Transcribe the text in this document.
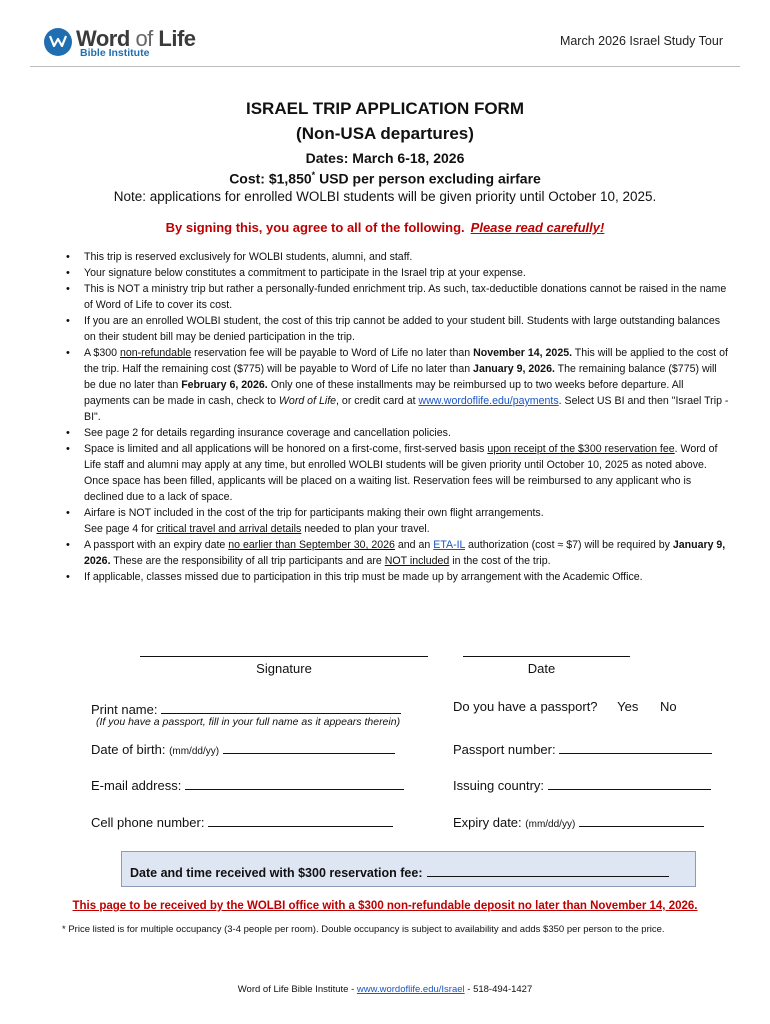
Word of Life
Bible Institute
March 2026 Israel Study Tour
ISRAEL TRIP APPLICATION FORM
(Non-USA departures)
Dates: March 6-18, 2026
Cost: $1,850* USD per person excluding airfare
Note: applications for enrolled WOLBI students will be given priority until October 10, 2025.
By signing this, you agree to all of the following. Please read carefully!
• This trip is reserved exclusively for WOLBI students, alumni, and staff.
• Your signature below constitutes a commitment to participate in the Israel trip at your expense.
• This is NOT a ministry trip but rather a personally-funded enrichment trip. As such, tax-deductible donations cannot be raised in the name of Word of Life to cover its cost.
• If you are an enrolled WOLBI student, the cost of this trip cannot be added to your student bill. Students with large outstanding balances on their student bill may be denied participation in the trip.
• A $300 non-refundable reservation fee will be payable to Word of Life no later than November 14, 2025. This will be applied to the cost of the trip. Half the remaining cost ($775) will be payable to Word of Life no later than January 9, 2026. The remaining balance ($775) will be due no later than February 6, 2026. Only one of these installments may be reimbursed up to two weeks before departure. All payments can be made in cash, check to Word of Life, or credit card at www.wordoflife.edu/payments. Select US BI and then "Israel Trip - BI".
• See page 2 for details regarding insurance coverage and cancellation policies.
• Space is limited and all applications will be honored on a first-come, first-served basis upon receipt of the $300 reservation fee. Word of Life staff and alumni may apply at any time, but enrolled WOLBI students will be given priority until October 10, 2025 as noted above. Once space has been filled, applicants will be placed on a waiting list. Reservation fees will be reimbursed to any applicant who is declined due to a lack of space.
• Airfare is NOT included in the cost of the trip for participants making their own flight arrangements.
See page 4 for critical travel and arrival details needed to plan your travel.
• A passport with an expiry date no earlier than September 30, 2026 and an ETA-IL authorization (cost ≈ $7) will be required by January 9, 2026. These are the responsibility of all trip participants and are NOT included in the cost of the trip.
• If applicable, classes missed due to participation in this trip must be made up by arrangement with the Academic Office.
Signature	Date
Print name:
(If you have a passport, fill in your full name as it appears therein)
Do you have a passport? Yes No
Date of birth: (mm/dd/yy)	Passport number:
E-mail address:	Issuing country:
Cell phone number:	Expiry date: (mm/dd/yy)
Date and time received with $300 reservation fee:
This page to be received by the WOLBI office with a $300 non-refundable deposit no later than November 14, 2026.
* Price listed is for multiple occupancy (3-4 people per room). Double occupancy is subject to availability and adds $350 per person to the price.
Word of Life Bible Institute - www.wordoflife.edu/Israel - 518-494-1427
